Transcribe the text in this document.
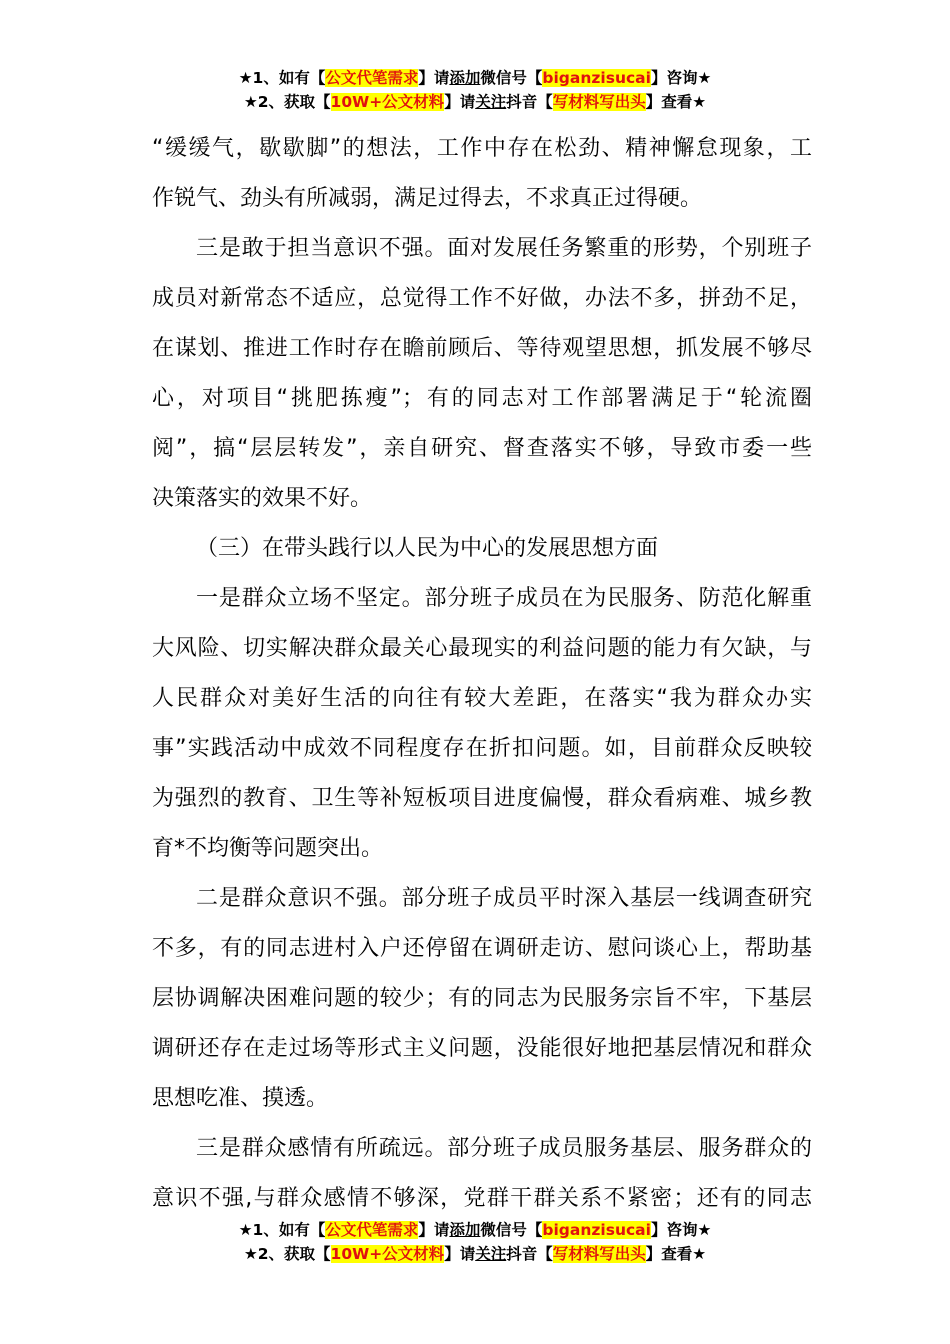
★1、如有【公文代笔需求】请添加微信号【biganzisucai】咨询★
★2、获取【10W+公文材料】请关注抖音【写材料写出头】查看★

“缓缓气，歇歇脚”的想法，工作中存在松劲、精神懈怠现象，工

作锐气、劲头有所减弱，满足过得去，不求真正过得硬。

三是敢于担当意识不强。面对发展任务繁重的形势，个别班子

成员对新常态不适应，总觉得工作不好做，办法不多，拼劲不足，

在谋划、推进工作时存在瞻前顾后、等待观望思想，抓发展不够尽

心，对项目“挑肥拣瘦”；有的同志对工作部署满足于“轮流圈

阅”，搞“层层转发”，亲自研究、督查落实不够，导致市委一些

决策落实的效果不好。

（三）在带头践行以人民为中心的发展思想方面

一是群众立场不坚定。部分班子成员在为民服务、防范化解重

大风险、切实解决群众最关心最现实的利益问题的能力有欠缺，与

人民群众对美好生活的向往有较大差距，在落实“我为群众办实

事”实践活动中成效不同程度存在折扣问题。如，目前群众反映较

为强烈的教育、卫生等补短板项目进度偏慢，群众看病难、城乡教

育*不均衡等问题突出。

二是群众意识不强。部分班子成员平时深入基层一线调查研究

不多，有的同志进村入户还停留在调研走访、慰问谈心上，帮助基

层协调解决困难问题的较少；有的同志为民服务宗旨不牢，下基层

调研还存在走过场等形式主义问题，没能很好地把基层情况和群众

思想吃准、摸透。

三是群众感情有所疏远。部分班子成员服务基层、服务群众的

意识不强,与群众感情不够深，党群干群关系不紧密；还有的同志

★1、如有【公文代笔需求】请添加微信号【biganzisucai】咨询★
★2、获取【10W+公文材料】请关注抖音【写材料写出头】查看★
